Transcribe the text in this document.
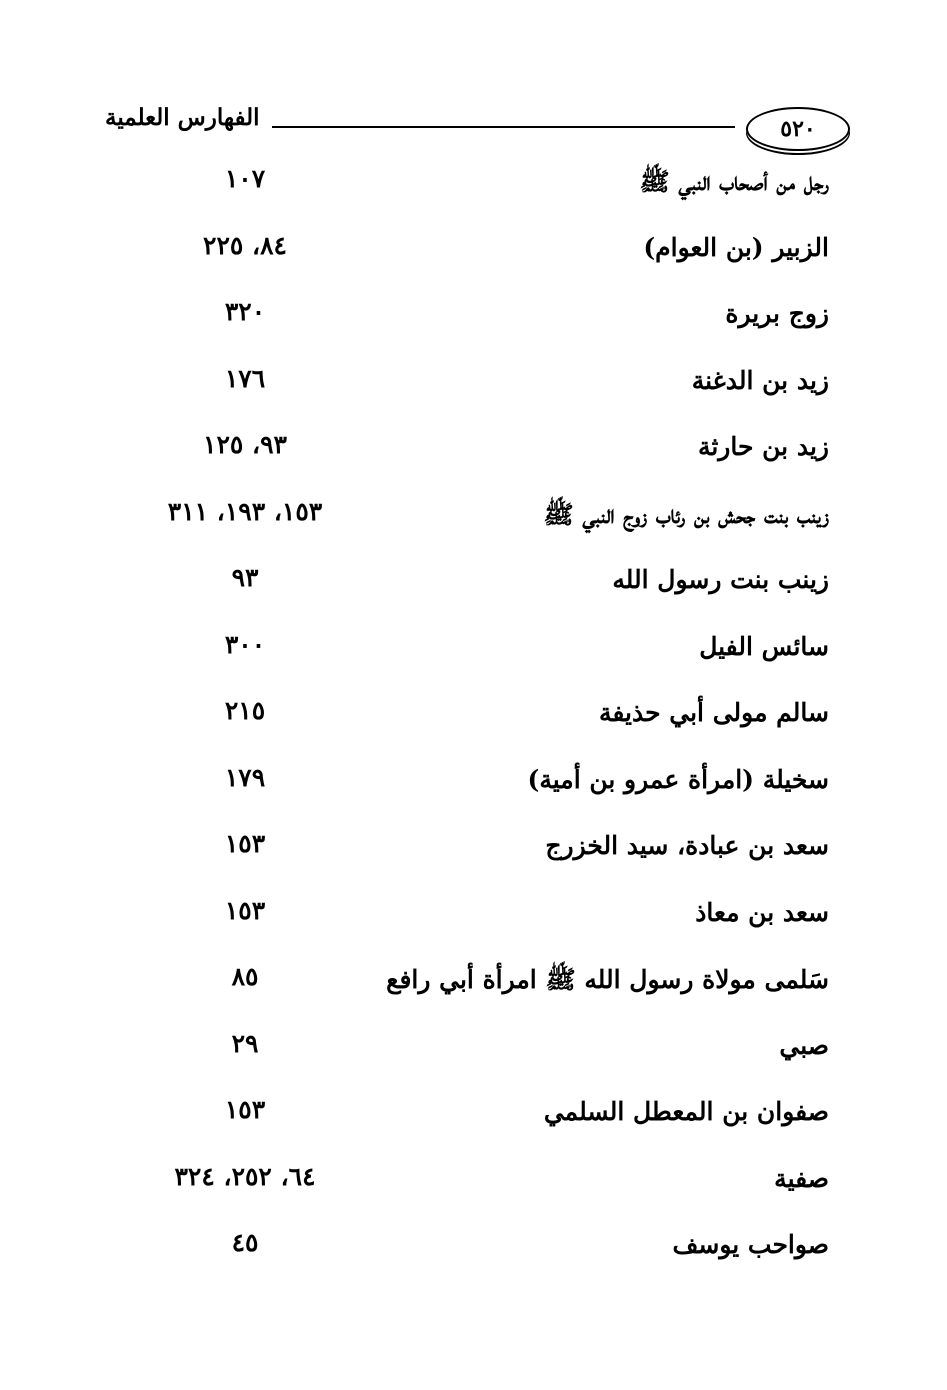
الفهارس العلمية	٥٢٠
رجل من أصحاب النبي ﷺ
١٠٧
الزبير (بن العوام)
٨٤، ٢٢٥
زوج بريرة
٣٢٠
زيد بن الدغنة
١٧٦
زيد بن حارثة
٩٣، ١٢٥
زينب بنت جحش بن رئاب زوج النبي ﷺ
١٥٣، ١٩٣، ٣١١
زينب بنت رسول الله
٩٣
سائس الفيل
٣٠٠
سالم مولى أبي حذيفة
٢١٥
سخيلة (امرأة عمرو بن أمية)
١٧٩
سعد بن عبادة، سيد الخزرج
١٥٣
سعد بن معاذ
١٥٣
سَلمى مولاة رسول الله ﷺ امرأة أبي رافع
٨٥
صبي
٢٩
صفوان بن المعطل السلمي
١٥٣
صفية
٦٤، ٢٥٢، ٣٢٤
صواحب يوسف
٤٥
